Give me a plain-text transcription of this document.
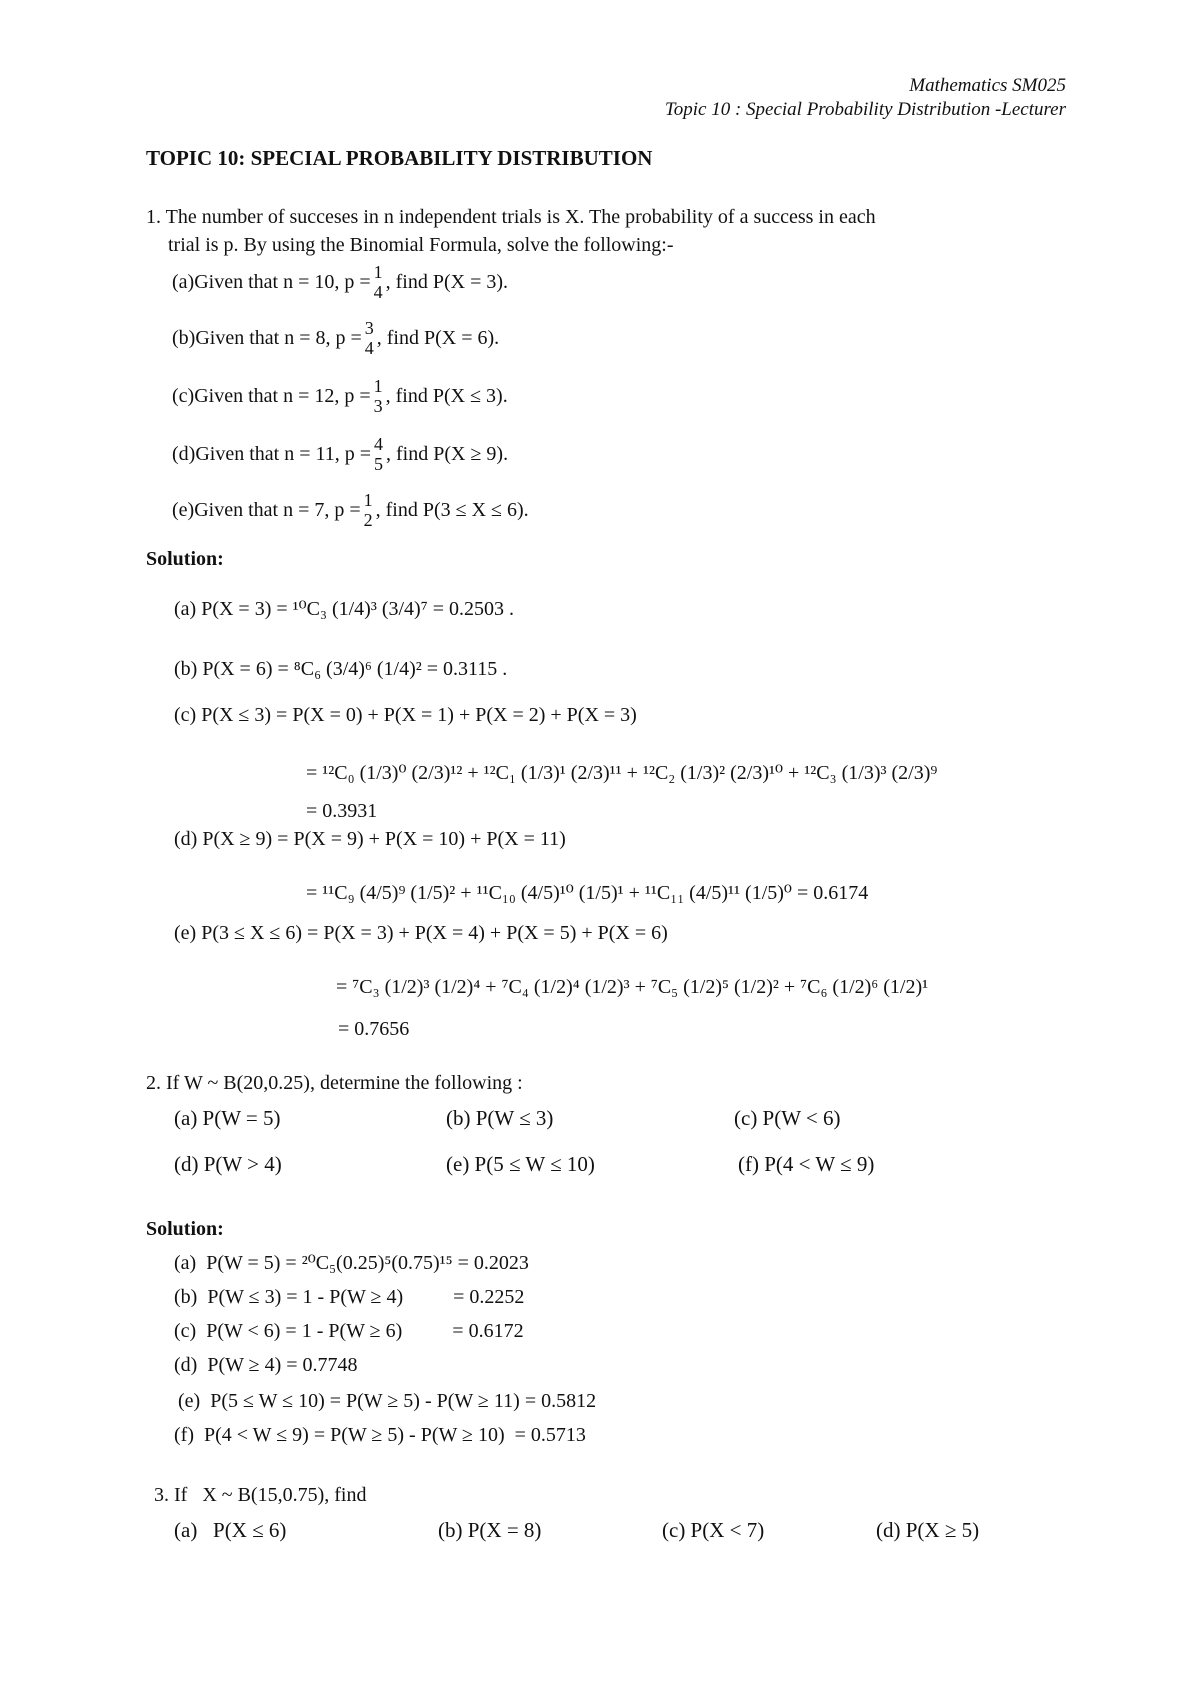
Mathematics SM025
Topic 10 : Special Probability Distribution -Lecturer
TOPIC 10: SPECIAL PROBABILITY DISTRIBUTION
1. The number of succeses in n independent trials is X. The probability of a success in each
trial is p. By using the Binomial Formula, solve the following:-
(a)Given that n = 10, p = 1
4 , find P(X = 3).
(b)Given that n = 8, p = 3
4 , find P(X = 6).
(c)Given that n = 12, p = 1
3 , find P(X ≤ 3).
(d)Given that n = 11, p = 4
5 , find P(X ≥ 9).
(e)Given that n = 7, p = 1
2 , find P(3 ≤ X ≤ 6).
Solution:
(a) P(X = 3) = ¹⁰C₃ (1/4)³ (3/4)⁷ = 0.2503 .
(b) P(X = 6) = ⁸C₆ (3/4)⁶ (1/4)² = 0.3115 .
(c) P(X ≤ 3) = P(X = 0) + P(X = 1) + P(X = 2) + P(X = 3)
= ¹²C₀ (1/3)⁰ (2/3)¹² + ¹²C₁ (1/3)¹ (2/3)¹¹ + ¹²C₂ (1/3)² (2/3)¹⁰ + ¹²C₃ (1/3)³ (2/3)⁹
= 0.3931
(d) P(X ≥ 9) = P(X = 9) + P(X = 10) + P(X = 11)
= ¹¹C₉ (4/5)⁹ (1/5)² + ¹¹C₁₀ (4/5)¹⁰ (1/5)¹ + ¹¹C₁₁ (4/5)¹¹ (1/5)⁰ = 0.6174
(e) P(3 ≤ X ≤ 6) = P(X = 3) + P(X = 4) + P(X = 5) + P(X = 6)
= ⁷C₃ (1/2)³ (1/2)⁴ + ⁷C₄ (1/2)⁴ (1/2)³ + ⁷C₅ (1/2)⁵ (1/2)² + ⁷C₆ (1/2)⁶ (1/2)¹
= 0.7656
2. If W ~ B(20,0.25), determine the following :
(a) P(W = 5)	(b) P(W ≤ 3)	(c) P(W < 6)
(d) P(W > 4)	(e) P(5 ≤ W ≤ 10)	(f) P(4 < W ≤ 9)
Solution:
(a)  P(W = 5) = ²⁰C₅(0.25)⁵(0.75)¹⁵ = 0.2023
(b)  P(W ≤ 3) = 1 - P(W ≥ 4)          = 0.2252
(c)  P(W < 6) = 1 - P(W ≥ 6)          = 0.6172
(d)  P(W ≥ 4) = 0.7748
(e)  P(5 ≤ W ≤ 10) = P(W ≥ 5) - P(W ≥ 11) = 0.5812
(f)  P(4 < W ≤ 9) = P(W ≥ 5) - P(W ≥ 10)  = 0.5713
3. If   X ~ B(15,0.75), find
(a)   P(X ≤ 6)	(b) P(X = 8)	(c) P(X < 7)	(d) P(X ≥ 5)
